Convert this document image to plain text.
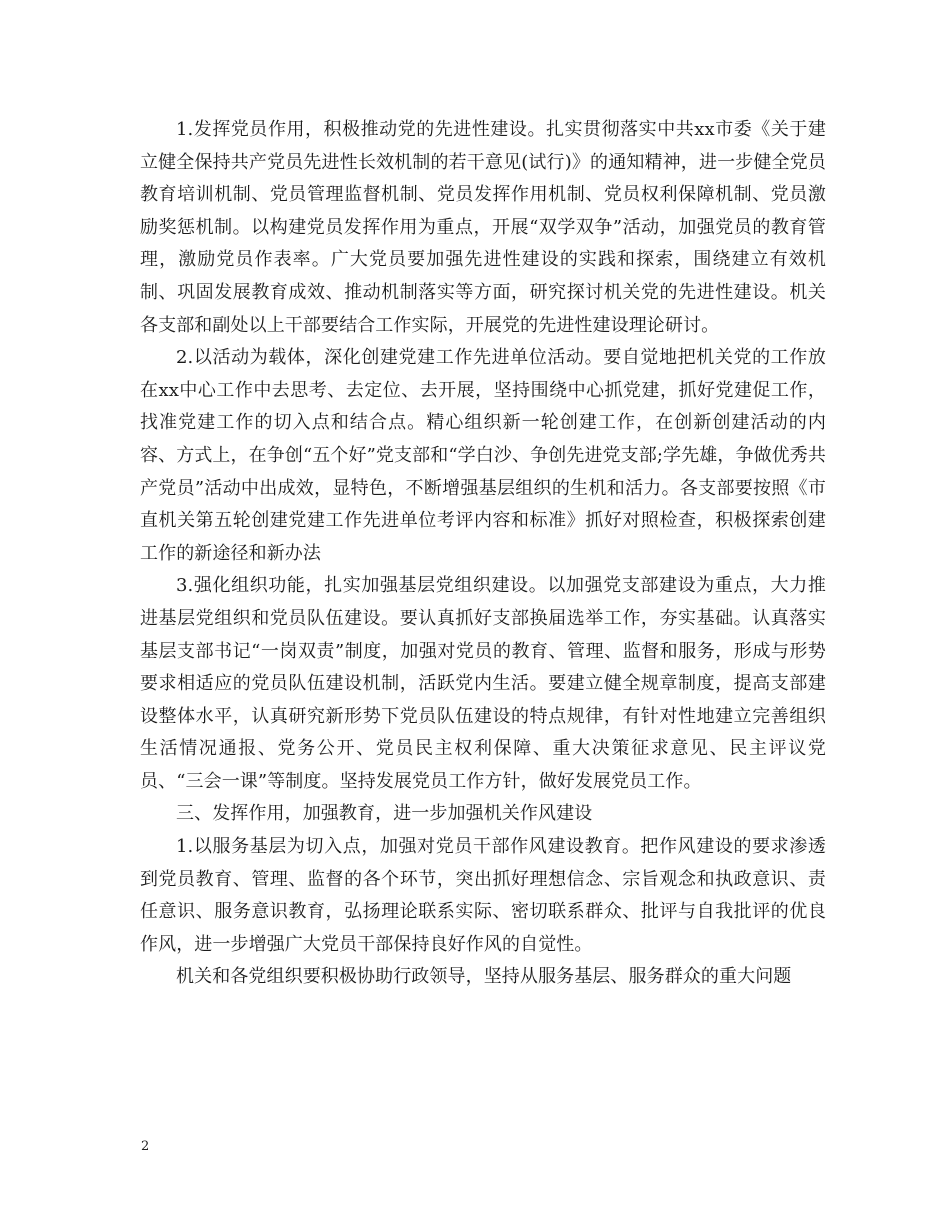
1.发挥党员作用，积极推动党的先进性建设。扎实贯彻落实中共xx市委《关于建立健全保持共产党员先进性长效机制的若干意见(试行)》的通知精神，进一步健全党员教育培训机制、党员管理监督机制、党员发挥作用机制、党员权利保障机制、党员激励奖惩机制。以构建党员发挥作用为重点，开展“双学双争”活动，加强党员的教育管理，激励党员作表率。广大党员要加强先进性建设的实践和探索，围绕建立有效机制、巩固发展教育成效、推动机制落实等方面，研究探讨机关党的先进性建设。机关各支部和副处以上干部要结合工作实际，开展党的先进性建设理论研讨。

2.以活动为载体，深化创建党建工作先进单位活动。要自觉地把机关党的工作放在xx中心工作中去思考、去定位、去开展，坚持围绕中心抓党建，抓好党建促工作，找准党建工作的切入点和结合点。精心组织新一轮创建工作，在创新创建活动的内容、方式上，在争创“五个好”党支部和“学白沙、争创先进党支部;学先雄，争做优秀共产党员”活动中出成效，显特色，不断增强基层组织的生机和活力。各支部要按照《市直机关第五轮创建党建工作先进单位考评内容和标准》抓好对照检查，积极探索创建工作的新途径和新办法

3.强化组织功能，扎实加强基层党组织建设。以加强党支部建设为重点，大力推进基层党组织和党员队伍建设。要认真抓好支部换届选举工作，夯实基础。认真落实基层支部书记“一岗双责”制度，加强对党员的教育、管理、监督和服务，形成与形势要求相适应的党员队伍建设机制，活跃党内生活。要建立健全规章制度，提高支部建设整体水平，认真研究新形势下党员队伍建设的特点规律，有针对性地建立完善组织生活情况通报、党务公开、党员民主权利保障、重大决策征求意见、民主评议党员、“三会一课”等制度。坚持发展党员工作方针，做好发展党员工作。

三、发挥作用，加强教育，进一步加强机关作风建设

1.以服务基层为切入点，加强对党员干部作风建设教育。把作风建设的要求渗透到党员教育、管理、监督的各个环节，突出抓好理想信念、宗旨观念和执政意识、责任意识、服务意识教育，弘扬理论联系实际、密切联系群众、批评与自我批评的优良作风，进一步增强广大党员干部保持良好作风的自觉性。

机关和各党组织要积极协助行政领导，坚持从服务基层、服务群众的重大问题

2
